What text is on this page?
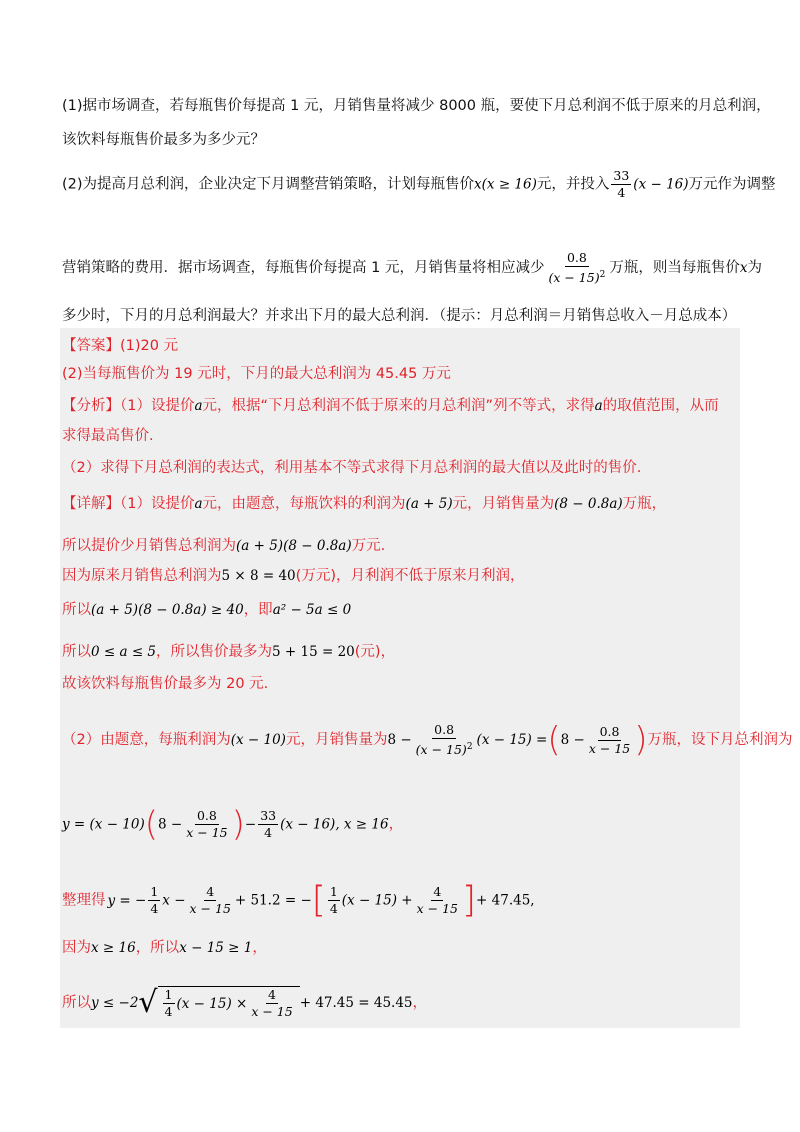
(1)据市场调查，若每瓶售价每提高 1 元，月销售量将减少 8000 瓶，要使下月总利润不低于原来的月总利润，
该饮料每瓶售价最多为多少元？
(2)为提高月总利润，企业决定下月调整营销策略，计划每瓶售价x(x ≥ 16)元，并投入 $\frac{33}{4} (x - 16)$万元作为调整
营销策略的费用．据市场调查，每瓶售价每提高 1 元，月销售量将相应减少 $\frac{0.8}{(x - 15)^2}$ 万瓶，则当每瓶售价x为
多少时，下月的月总利润最大？并求出下月的最大总利润．（提示：月总利润＝月销售总收入－月总成本）
【答案】(1)20 元
(2)当每瓶售价为 19 元时，下月的最大总利润为 45.45 万元
【分析】（1）设提价a元，根据“下月总利润不低于原来的月总利润”列不等式，求得a的取值范围，从而
求得最高售价.
（2）求得下月总利润的表达式，利用基本不等式求得下月总利润的最大值以及此时的售价.
【详解】（1）设提价a元，由题意，每瓶饮料的利润为(a + 5)元，月销售量为(8 − 0.8a)万瓶，
所以提价少月销售总利润为(a + 5)(8 − 0.8a)万元.
因为原来月销售总利润为5 × 8 = 40(万元)，月利润不低于原来月利润，
所以(a + 5)(8 − 0.8a) ≥ 40，即a² − 5a ≤ 0
所以0 ≤ a ≤ 5，所以售价最多为5 + 15 = 20(元)，
故该饮料每瓶售价最多为 20 元.
（2）由题意，每瓶利润为(x − 10)元，月销售量为$8 - \frac{0.8}{(x - 15)^2} (x - 15) =(8 - \frac{0.8}{x - 15}$ )万瓶，设下月总利润为
$y = (x - 10)(8 - \frac{0.8}{x - 15}$ )− $\frac{33}{4} (x - 16)$, x ≥ 16，
整理得 y = − $\frac{1}{4}$ $x - \frac{4}{x - 15} + 51.2$ = −[ $\frac{1}{4} (x - 15) + \frac{4}{x - 15}$ ]+ 47.45,
因为x ≥ 16，所以x − 15 ≥ 1，
所以y ≤ −2 √ $\frac{1}{4} (x - 15) \times \frac{4}{x - 15} + 47.45 = 45.45$，
